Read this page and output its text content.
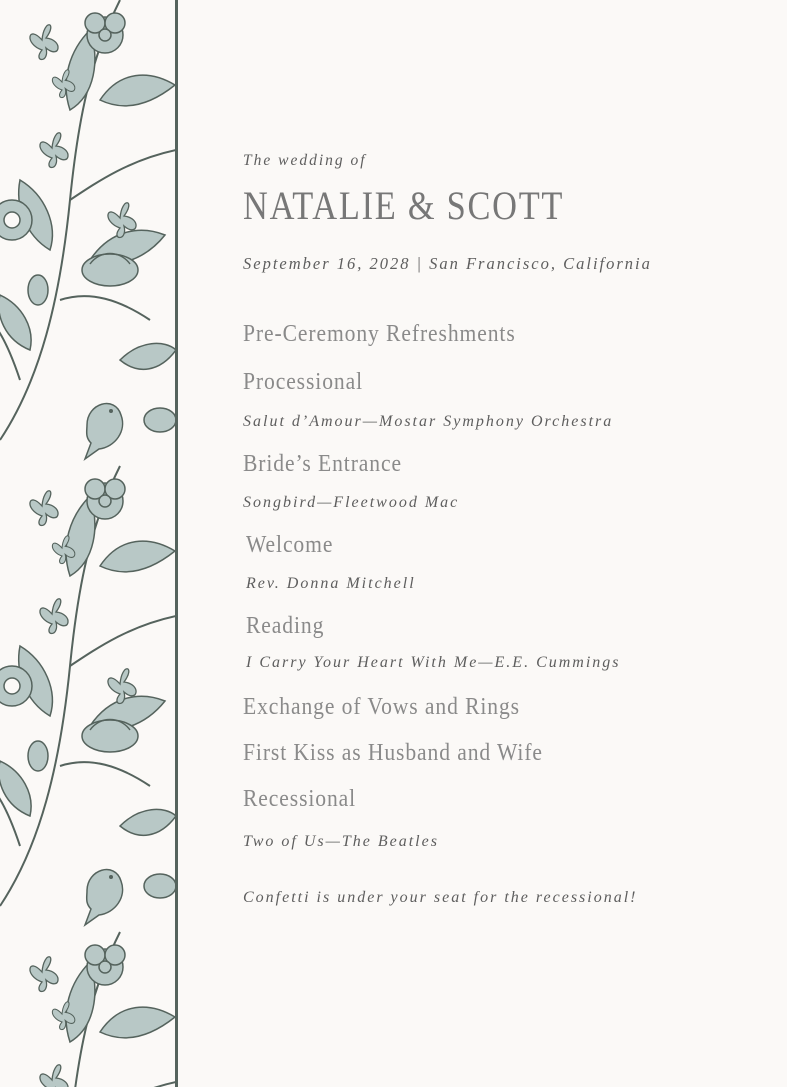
The wedding of
NATALIE & SCOTT
September 16, 2028 | San Francisco, California
Pre-Ceremony Refreshments
Processional
Salut d’Amour—Mostar Symphony Orchestra
Bride’s Entrance
Songbird—Fleetwood Mac
Welcome
Rev. Donna Mitchell
Reading
I Carry Your Heart With Me—E.E. Cummings
Exchange of Vows and Rings
First Kiss as Husband and Wife
Recessional
Two of Us—The Beatles
Confetti is under your seat for the recessional!
